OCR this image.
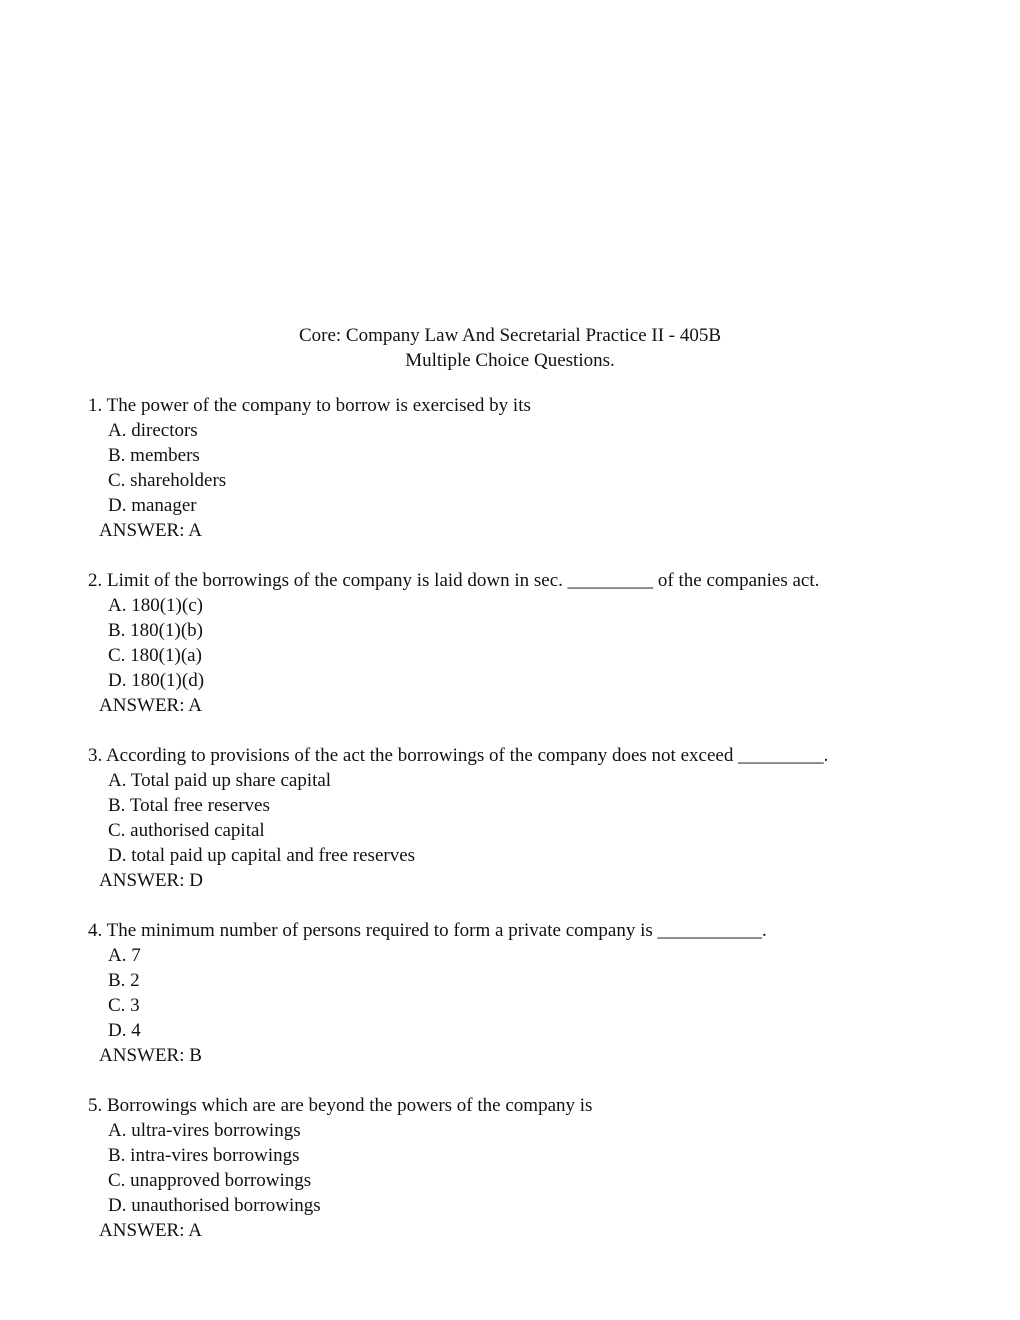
Core: Company Law And Secretarial Practice II - 405B
Multiple Choice Questions.
1. The power of the company to borrow is exercised by its
A. directors
B. members
C. shareholders
D. manager
ANSWER: A
2. Limit of the borrowings of the company is laid down in sec. _________ of the companies act.
A. 180(1)(c)
B. 180(1)(b)
C. 180(1)(a)
D. 180(1)(d)
ANSWER: A
3. According to provisions of the act the borrowings of the company does not exceed _________.
A. Total paid up share capital
B. Total free reserves
C. authorised capital
D. total paid up capital and free reserves
ANSWER: D
4. The minimum number of persons required to form a private company is ___________.
A. 7
B. 2
C. 3
D. 4
ANSWER: B
5. Borrowings which are are beyond the powers of the company is
A. ultra-vires borrowings
B. intra-vires borrowings
C. unapproved borrowings
D. unauthorised borrowings
ANSWER: A
